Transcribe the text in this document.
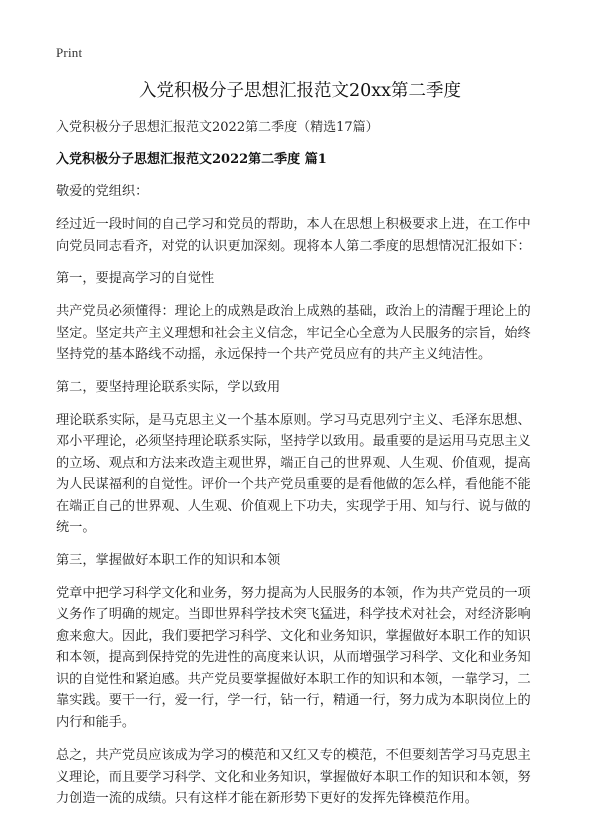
Print
入党积极分子思想汇报范文20xx第二季度

入党积极分子思想汇报范文2022第二季度（精选17篇）

入党积极分子思想汇报范文2022第二季度 篇1

敬爱的党组织：

经过近一段时间的自己学习和党员的帮助，本人在思想上积极要求上进，在工作中

向党员同志看齐，对党的认识更加深刻。现将本人第二季度的思想情况汇报如下：

第一，要提高学习的自觉性

共产党员必须懂得：理论上的成熟是政治上成熟的基础，政治上的清醒于理论上的

坚定。坚定共产主义理想和社会主义信念，牢记全心全意为人民服务的宗旨，始终

坚持党的基本路线不动摇，永远保持一个共产党员应有的共产主义纯洁性。

第二，要坚持理论联系实际，学以致用

理论联系实际，是马克思主义一个基本原则。学习马克思列宁主义、毛泽东思想、

邓小平理论，必须坚持理论联系实际，坚持学以致用。最重要的是运用马克思主义

的立场、观点和方法来改造主观世界，端正自己的世界观、人生观、价值观，提高

为人民谋福利的自觉性。评价一个共产党员重要的是看他做的怎么样，看他能不能

在端正自己的世界观、人生观、价值观上下功夫，实现学于用、知与行、说与做的

统一。

第三，掌握做好本职工作的知识和本领

党章中把学习科学文化和业务，努力提高为人民服务的本领，作为共产党员的一项

义务作了明确的规定。当即世界科学技术突飞猛进，科学技术对社会，对经济影响

愈来愈大。因此，我们要把学习科学、文化和业务知识，掌握做好本职工作的知识

和本领，提高到保持党的先进性的高度来认识，从而增强学习科学、文化和业务知

识的自觉性和紧迫感。共产党员要掌握做好本职工作的知识和本领，一靠学习，二

靠实践。要干一行，爱一行，学一行，钻一行，精通一行，努力成为本职岗位上的

内行和能手。

总之，共产党员应该成为学习的模范和又红又专的模范，不但要刻苦学习马克思主

义理论，而且要学习科学、文化和业务知识，掌握做好本职工作的知识和本领，努

力创造一流的成绩。只有这样才能在新形势下更好的发挥先锋模范作用。
